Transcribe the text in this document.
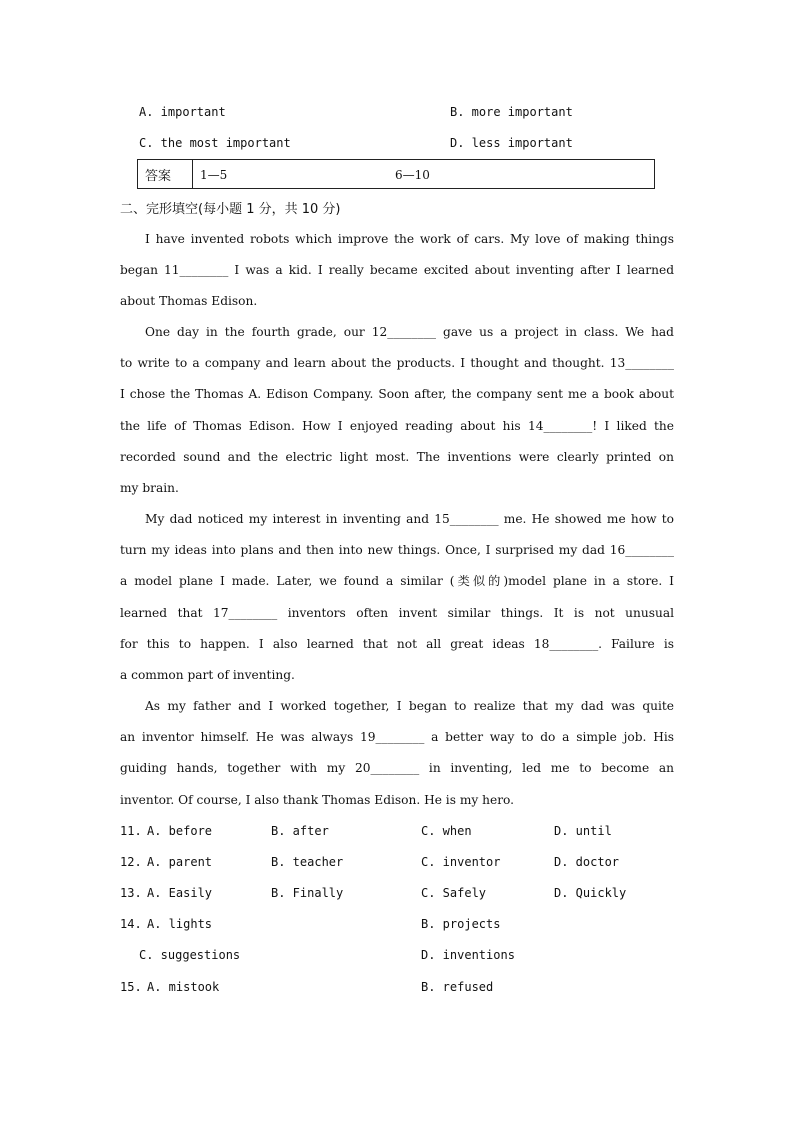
A. important	B. more important
C. the most important	D. less important
答案	1—5	6—10
二、完形填空(每小题 1 分，共 10 分)
I have invented robots which improve the work of cars. My love of making things
began 11________ I was a kid. I really became excited about inventing after I learned
about Thomas Edison.
One day in the fourth grade, our 12________ gave us a project in class. We had
to write to a company and learn about the products. I thought and thought. 13________
I chose the Thomas A. Edison Company. Soon after, the company sent me a book about
the life of Thomas Edison. How I enjoyed reading about his 14________! I liked the
recorded sound and the electric light most. The inventions were clearly printed on
my brain.
My dad noticed my interest in inventing and 15________ me. He showed me how to
turn my ideas into plans and then into new things. Once, I surprised my dad 16________
a model plane I made. Later, we found a similar (类似的)model plane in a store. I
learned that 17________ inventors often invent similar things. It is not unusual
for this to happen. I also learned that not all great ideas 18________. Failure is
a common part of inventing.
As my father and I worked together, I began to realize that my dad was quite
an inventor himself. He was always 19________ a better way to do a simple job. His
guiding hands, together with my 20________ in inventing, led me to become an
inventor. Of course, I also thank Thomas Edison. He is my hero.
11. A. before	B. after	C. when	D. until
12. A. parent	B. teacher	C. inventor	D. doctor
13. A. Easily	B. Finally	C. Safely	D. Quickly
14. A. lights	B. projects
C. suggestions	D. inventions
15. A. mistook	B. refused
